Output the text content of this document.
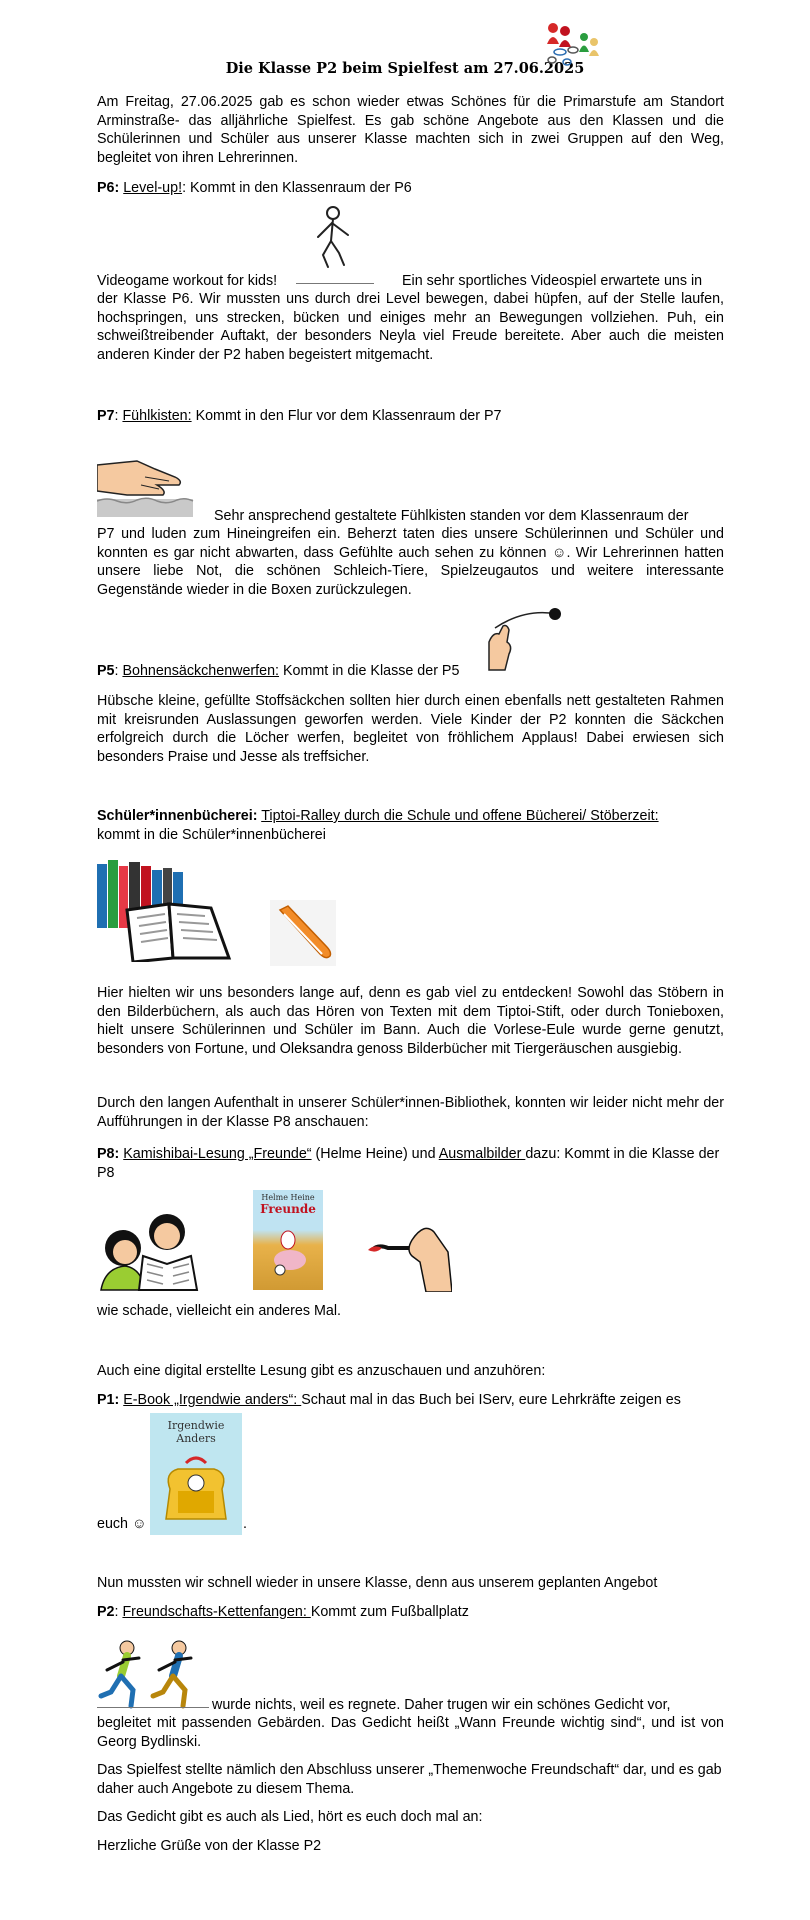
Die Klasse P2 beim Spielfest am 27.06.2025
Am Freitag, 27.06.2025 gab es schon wieder etwas Schönes für die Primarstufe am Standort Arminstraße- das alljährliche Spielfest. Es gab schöne Angebote aus den Klassen und die Schülerinnen und Schüler aus unserer Klasse machten sich in zwei Gruppen auf den Weg, begleitet von ihren Lehrerinnen.
P6: Level-up!: Kommt in den Klassenraum der P6
Videogame workout for kids!	Ein sehr sportliches Videospiel erwartete uns in
der Klasse P6. Wir mussten uns durch drei Level bewegen, dabei hüpfen, auf der Stelle laufen, hochspringen, uns strecken, bücken und einiges mehr an Bewegungen vollziehen. Puh, ein schweißtreibender Auftakt, der besonders Neyla viel Freude bereitete. Aber auch die meisten anderen Kinder der P2 haben begeistert mitgemacht.
P7: Fühlkisten: Kommt in den Flur vor dem Klassenraum der P7
Sehr ansprechend gestaltete Fühlkisten standen vor dem Klassenraum der
P7 und luden zum Hineingreifen ein. Beherzt taten dies unsere Schülerinnen und Schüler und konnten es gar nicht abwarten, dass Gefühlte auch sehen zu können ☺. Wir Lehrerinnen hatten unsere liebe Not, die schönen Schleich-Tiere, Spielzeugautos und weitere interessante Gegenstände wieder in die Boxen zurückzulegen.
P5: Bohnensäckchenwerfen: Kommt in die Klasse der P5
Hübsche kleine, gefüllte Stoffsäckchen sollten hier durch einen ebenfalls nett gestalteten Rahmen mit kreisrunden Auslassungen geworfen werden. Viele Kinder der P2 konnten die Säckchen erfolgreich durch die Löcher werfen, begleitet von fröhlichem Applaus! Dabei erwiesen sich besonders Praise und Jesse als treffsicher.
Schüler*innenbücherei: Tiptoi-Ralley durch die Schule und offene Bücherei/ Stöberzeit:
kommt in die Schüler*innenbücherei
Hier hielten wir uns besonders lange auf, denn es gab viel zu entdecken! Sowohl das Stöbern in den Bilderbüchern, als auch das Hören von Texten mit dem Tiptoi-Stift, oder durch Tonieboxen, hielt unsere Schülerinnen und Schüler im Bann. Auch die Vorlese-Eule wurde gerne genutzt, besonders von Fortune, und Oleksandra genoss Bilderbücher mit Tiergeräuschen ausgiebig.
Durch den langen Aufenthalt in unserer Schüler*innen-Bibliothek, konnten wir leider nicht mehr der Aufführungen in der Klasse P8 anschauen:
P8: Kamishibai-Lesung „Freunde“ (Helme Heine) und Ausmalbilder dazu: Kommt in die Klasse der P8
Helme Heine
Freunde
wie schade, vielleicht ein anderes Mal.
Auch eine digital erstellte Lesung gibt es anzuschauen und anzuhören:
P1: E-Book „Irgendwie anders“: Schaut mal in das Buch bei IServ, eure Lehrkräfte zeigen es
Irgendwie Anders
euch ☺	.
Nun mussten wir schnell wieder in unsere Klasse, denn aus unserem geplanten Angebot
P2: Freundschafts-Kettenfangen: Kommt zum Fußballplatz
wurde nichts, weil es regnete. Daher trugen wir ein schönes Gedicht vor,
begleitet mit passenden Gebärden. Das Gedicht heißt „Wann Freunde wichtig sind“, und ist von Georg Bydlinski.
Das Spielfest stellte nämlich den Abschluss unserer „Themenwoche Freundschaft“ dar, und es gab daher auch Angebote zu diesem Thema.
Das Gedicht gibt es auch als Lied, hört es euch doch mal an:
Herzliche Grüße von der Klasse P2
